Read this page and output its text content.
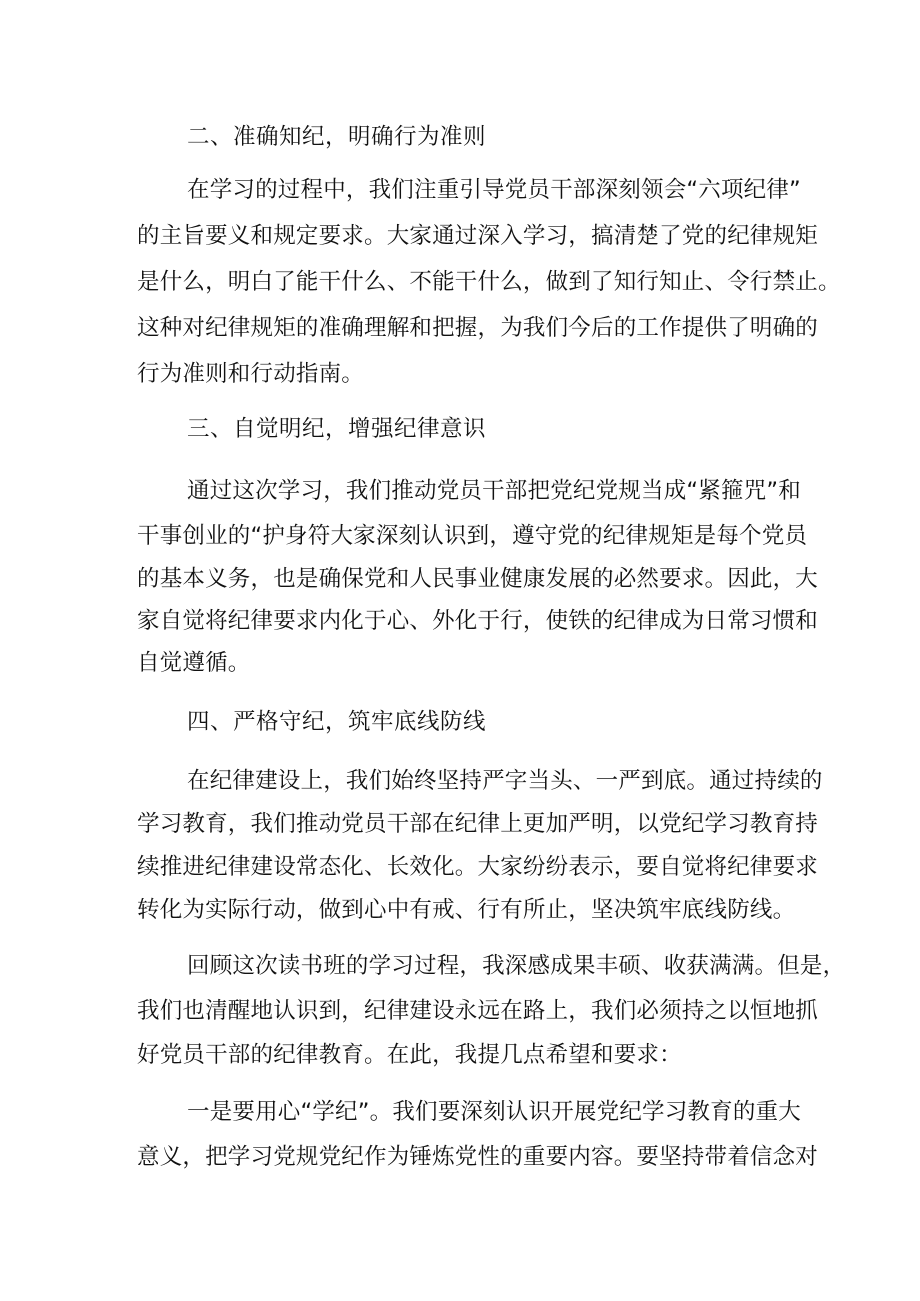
二、准确知纪，明确行为准则
在学习的过程中，我们注重引导党员干部深刻领会“六项纪律”
的主旨要义和规定要求。大家通过深入学习，搞清楚了党的纪律规矩
是什么，明白了能干什么、不能干什么，做到了知行知止、令行禁止。
这种对纪律规矩的准确理解和把握，为我们今后的工作提供了明确的
行为准则和行动指南。
三、自觉明纪，增强纪律意识
通过这次学习，我们推动党员干部把党纪党规当成“紧箍咒”和
干事创业的“护身符大家深刻认识到，遵守党的纪律规矩是每个党员
的基本义务，也是确保党和人民事业健康发展的必然要求。因此，大
家自觉将纪律要求内化于心、外化于行，使铁的纪律成为日常习惯和
自觉遵循。
四、严格守纪，筑牢底线防线
在纪律建设上，我们始终坚持严字当头、一严到底。通过持续的
学习教育，我们推动党员干部在纪律上更加严明，以党纪学习教育持
续推进纪律建设常态化、长效化。大家纷纷表示，要自觉将纪律要求
转化为实际行动，做到心中有戒、行有所止，坚决筑牢底线防线。
回顾这次读书班的学习过程，我深感成果丰硕、收获满满。但是，
我们也清醒地认识到，纪律建设永远在路上，我们必须持之以恒地抓
好党员干部的纪律教育。在此，我提几点希望和要求：
一是要用心“学纪”。我们要深刻认识开展党纪学习教育的重大
意义，把学习党规党纪作为锤炼党性的重要内容。要坚持带着信念对
